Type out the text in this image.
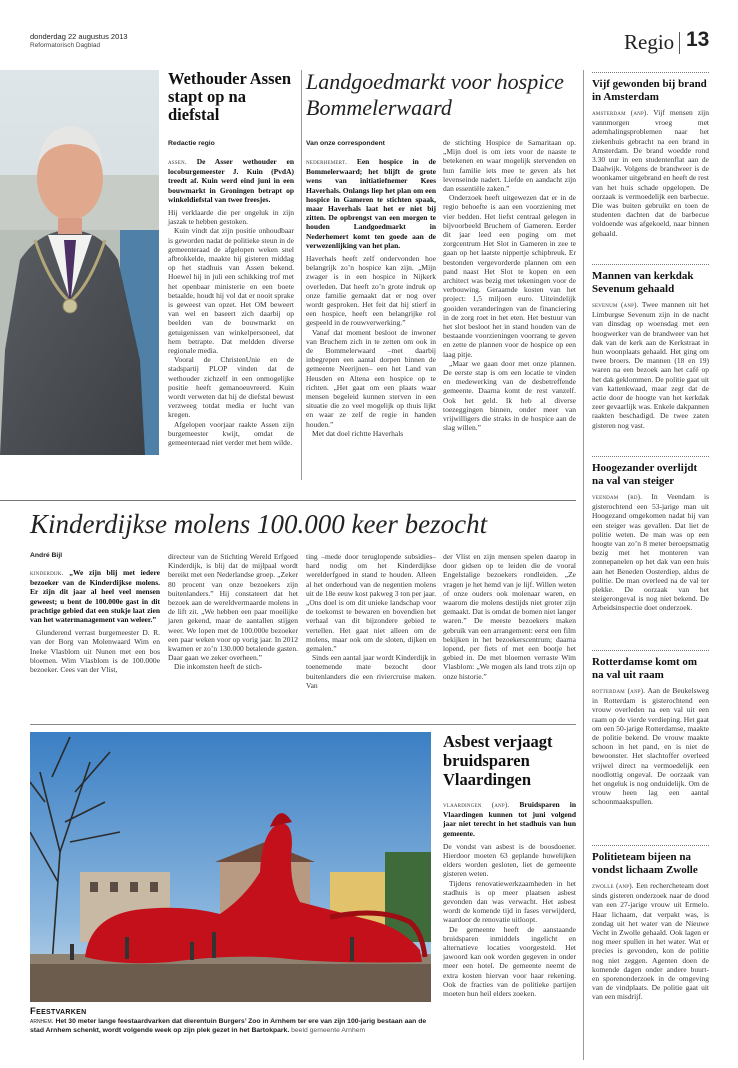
donderdag 22 augustus 2013
Reformatorisch Dagblad	Regio 13
Wethouder Assen stapt op na diefstal
Redactie regio

assen. De Asser wethouder en locoburgemeester J. Kuin (PvdA) treedt af. Kuin werd eind juni in een bouwmarkt in Groningen betrapt op winkeldiefstal van twee freesjes.

Hij verklaarde die per ongeluk in zijn jaszak te hebben gestoken.

Kuin vindt dat zijn positie onhoudbaar is geworden nadat de politieke steun in de gemeenteraad de afgelopen weken snel afbrokkelde, maakte hij gisteren middag op het stadhuis van Assen bekend. Hoewel hij in juli een schikking trof met het openbaar ministerie en een boete betaalde, houdt hij vol dat er nooit sprake is geweest van opzet. Het OM beweert van wel en baseert zich daarbij op beelden van de bouwmarkt en getuigenissen van winkelpersoneel, dat hem betrapte. Dat meldden diverse regionale media.

Vooral de ChristenUnie en de stadspartij PLOP vinden dat de wethouder zichzelf in een onmogelijke positie heeft gemanoeuvreerd. Kuin wordt verweten dat hij de diefstal bewust verzweeg totdat media er lucht van kregen.

Afgelopen voorjaar raakte Assen zijn burgemeester kwijt, omdat de gemeenteraad niet verder met hem wilde.

Landgoedmarkt voor hospice Bommelerwaard
Van onze correspondent

nederhemert. Een hospice in de Bommelerwaard; het blijft de grote wens van initiatiefnemer Kees Haverhals. Onlangs liep het plan om een hospice in Gameren te stichten spaak, maar Haverhals laat het er niet bij zitten. De opbrengst van een morgen te houden Landgoedmarkt in Nederhemert komt ten goede aan de verwezenlijking van het plan.

Haverhals heeft zelf ondervonden hoe belangrijk zo’n hospice kan zijn. „Mijn zwager is in een hospice in Nijkerk overleden. Dat heeft zo’n grote indruk op onze familie gemaakt dat er nog over wordt gesproken. Het feit dat hij stierf in een hospice, heeft een belangrijke rol gespeeld in de rouwverwerking.”

Vanaf dat moment besloot de inwoner van Bruchem zich in te zetten om ook in de Bommelerwaard –met daarbij inbegrepen een aantal dorpen binnen de gemeente Neerijnen– een het Land van Heusden en Altena een hospice op te richten. „Het gaat om een plaats waar mensen begeleid kunnen sterven in een situatie die zo veel mogelijk op thuis lijkt en waar ze zelf de regie in handen houden.”

Met dat doel richtte Haverhals

de stichting Hospice de Samaritaan op. „Mijn doel is om iets voor de naaste te betekenen en waar mogelijk stervenden en hun familie iets mee te geven als het levenseinde nadert. Liefde en aandacht zijn dan essentiële zaken.”

Onderzoek heeft uitgewezen dat er in de regio behoefte is aan een voorziening met vier bedden. Het liefst centraal gelegen in bijvoorbeeld Bruchem of Gameren. Eerder dit jaar leed een poging om met zorgcentrum Het Slot in Gameren in zee te gaan op het laatste nippertje schipbreuk. Er bestonden vergevorderde plannen om een pand naast Het Slot te kopen en een architect was bezig met tekeningen voor de verbouwing. Geraamde kosten van het project: 1,5 miljoen euro. Uiteindelijk gooiden veranderingen van de financiering in de zorg roet in het eten. Het bestuur van het slot besloot het in stand houden van de bestaande voorzieningen voorrang te geven en zette de plannen voor de hospice op een laag pitje.

„Maar we gaan door met onze plannen. De eerste stap is om een locatie te vinden en medewerking van de desbetreffende gemeente. Daarna komt de rest vanzelf. Ook het geld. Ik heb al diverse toezeggingen binnen, onder meer van vrijwilligers die straks in de hospice aan de slag willen.”

Kinderdijkse molens 100.000 keer bezocht
André Bijl

kinderdijk. „We zijn blij met iedere bezoeker van de Kinderdijkse molens. Er zijn dit jaar al heel veel mensen geweest; u bent de 100.000e gast in dit prachtige gebied dat een stukje laat zien van het watermanagement van weleer.”

Glunderend verrast burgemeester D. R. van der Borg van Molenwaard Wim en Ineke Vlasblom uit Nunen met een bos bloemen. Wim Vlasblom is de 100.000e bezoeker. Cees van der Vlist,

directeur van de Stichting Wereld Erfgoed Kinderdijk, is blij dat de mijlpaal wordt bereikt met een Nederlandse groep. „Zeker 80 procent van onze bezoekers zijn buitenlanders.” Hij constateert dat het bezoek aan de wereldvermaarde molens in de lift zit. „We hebben een paar moeilijke jaren gekend, maar de aantallen stijgen weer. We lopen met de 100.000e bezoeker een paar weken voor op vorig jaar. In 2012 kwamen er zo’n 130.000 betalende gasten. Daar gaan we zeker overheen.”

Die inkomsten heeft de stich-

ting –mede door teruglopende subsidies– hard nodig om het Kinderdijkse werelderfgoed in stand te houden. Alleen al het onderhoud van de negentien molens uit de 18e eeuw kost pakweg 3 ton per jaar. „Ons doel is om dit unieke landschap voor de toekomst te bewaren en bovendien het verhaal van dit bijzondere gebied te vertellen. Het gaat niet alleen om de molens, maar ook om de sloten, dijken en gemalen.”

Sinds een aantal jaar wordt Kinderdijk in toenemende mate bezocht door buitenlanders die een riviercruise maken. Van

der Vlist en zijn mensen spelen daarop in door gidsen op te leiden die de vooral Engelstalige bezoekers rondleiden. „Ze vragen je het hemd van je lijf. Willen weten of onze ouders ook molenaar waren, en waarom die molens destijds niet groter zijn gemaakt. Dat is omdat de bomen niet langer waren.” De meeste bezoekers maken gebruik van een arrangement: eerst een film bekijken in het bezoekerscentrum; daarna lopend, per fiets of met een bootje het gebied in. De met bloemen verraste Wim Vlasblom: „We mogen als land trots zijn op onze historie.”

Feestvarken
arnhem. Het 30 meter lange feestaardvarken dat dierentuin Burgers’ Zoo in Arnhem ter ere van zijn 100-jarig bestaan aan de stad Arnhem schenkt, wordt volgende week op zijn plek gezet in het Bartokpark. beeld gemeente Arnhem
Asbest verjaagt bruidsparen Vlaardingen

vlaardingen (anp). Bruidsparen in Vlaardingen kunnen tot juni volgend jaar niet terecht in het stadhuis van hun gemeente.

De vondst van asbest is de boosdoener. Hierdoor moeten 63 geplande huwelijken elders worden gesloten, liet de gemeente gisteren weten.

Tijdens renovatiewerkzaamheden in het stadhuis is op meer plaatsen asbest gevonden dan was verwacht. Het asbest wordt de komende tijd in fases verwijderd, waardoor de renovatie uitloopt.

De gemeente heeft de aanstaande bruidsparen inmiddels ingelicht en alternatieve locaties voorgesteld. Het jawoord kan ook worden gegeven in onder meer een hotel. De gemeente neemt de extra kosten hiervan voor haar rekening. Ook de fracties van de politieke partijen moeten hun heil elders zoeken.

Vijf gewonden bij brand in Amsterdam

amsterdam (anp). Vijf mensen zijn vannmorgen vroeg met ademhalingsproblemen naar het ziekenhuis gebracht na een brand in Amsterdam. De brand woedde rond 3.30 uur in een studentenflat aan de Daalwijk. Volgens de brandweer is de woonkamer uitgebrand en heeft de rest van het huis schade opgelopen. De oorzaak is vermoedelijk een barbecue. Die was buiten gebruikt en toen de studenten dachten dat de barbecue voldoende was afgekoeld, naar binnen gehaald.

Mannen van kerkdak Sevenum gehaald

sevenum (anp). Twee mannen uit het Limburgse Sevenum zijn in de nacht van dinsdag op woensdag met een hoogwerker van de brandweer van het dak van de kerk aan de Kerkstraat in hun woonplaats gehaald. Het ging om twee broers. De mannen (18 en 19) waren na een bezoek aan het café op het dak geklommen. De politie gaat uit van kattenkwaad, maar zegt dat de actie door de hoogte van het kerkdak zeer gevaarlijk was. Enkele dakpannen raakten beschadigd. De twee zaten gisteren nog vast.

Hoogezander overlijdt na val van steiger

veendam (rd). In Veendam is gisterochtend een 53-jarige man uit Hoogezand omgekomen nadat hij van een steiger was gevallen. Dat liet de politie weten. De man was op een hoogte van zo’n 8 meter beroepsmatig bezig met het monteren van zonnepanelen op het dak van een huis aan het Beneden Oosterdiep, aldus de politie. De man overleed na de val ter plekke. De oorzaak van het steigerongeval is nog niet bekend. De Arbeidsinspectie doet onderzoek.

Rotterdamse komt om na val uit raam

rotterdam (anp). Aan de Beukelsweg in Rotterdam is gisterochtend een vrouw overleden na een val uit een raam op de vierde verdieping. Het gaat om een 50-jarige Rotterdamse, maakte de politie bekend. De vrouw maakte schoon in het pand, en is niet de bewoonster. Het slachtoffer overleed vrijwel direct na vermoedelijk een noodlottig ongeval. De oorzaak van het ongeluk is nog onduidelijk. Om de vrouw heen lag een aantal schoonmaakspullen.

Politieteam bijeen na vondst lichaam Zwolle

zwolle (anp). Een rechercheteam doet sinds gisteren onderzoek naar de dood van een 27-jarige vrouw uit Ermelo. Haar lichaam, dat verpakt was, is zondag uit het water van de Nieuwe Vecht in Zwolle gehaald. Ook lagen er nog meer spullen in het water. Wat er precies is gevonden, kon de politie nog niet zeggen. Agenten doen de komende dagen onder andere buurt- en sporenonderzoek in de omgeving van de vindplaats. De politie gaat uit van een misdrijf.
